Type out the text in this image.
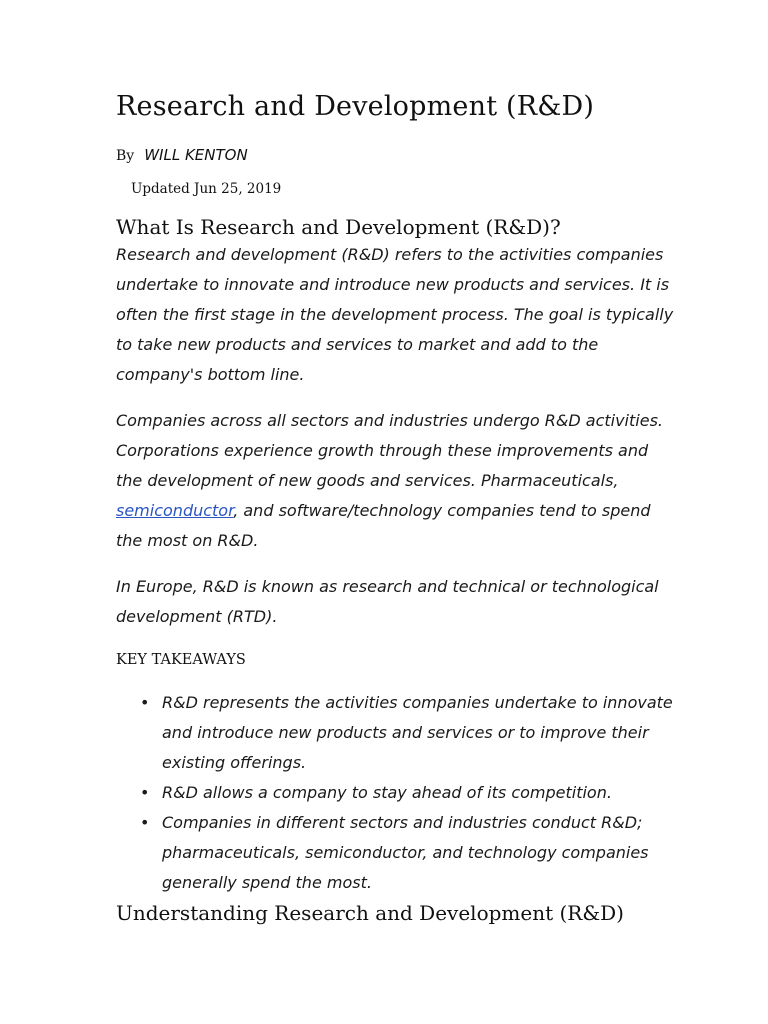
Research and Development (R&D)
By WILL KENTON
Updated Jun 25, 2019
What Is Research and Development (R&D)?

Research and development (R&D) refers to the activities companies undertake to innovate and introduce new products and services. It is often the first stage in the development process. The goal is typically to take new products and services to market and add to the company's bottom line.

Companies across all sectors and industries undergo R&D activities. Corporations experience growth through these improvements and the development of new goods and services. Pharmaceuticals, semiconductor, and software/technology companies tend to spend the most on R&D.

In Europe, R&D is known as research and technical or technological development (RTD).

KEY TAKEAWAYS
• R&D represents the activities companies undertake to innovate and introduce new products and services or to improve their existing offerings.
• R&D allows a company to stay ahead of its competition.
• Companies in different sectors and industries conduct R&D; pharmaceuticals, semiconductor, and technology companies generally spend the most.
Understanding Research and Development (R&D)
